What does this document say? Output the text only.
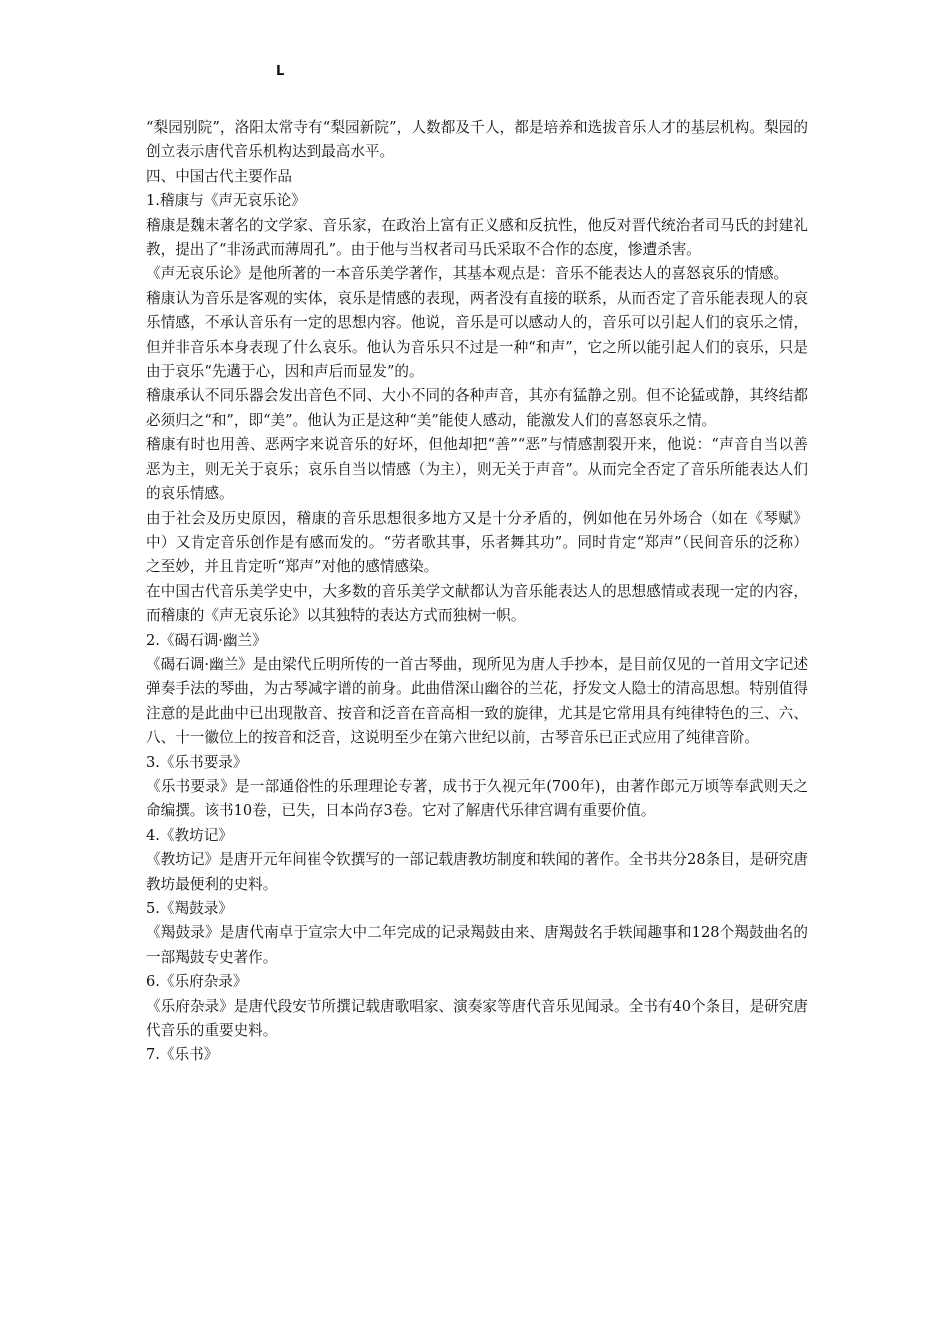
L

“梨园别院”，洛阳太常寺有“梨园新院”，人数都及千人，都是培养和选拔音乐人才的基层机构。梨园的创立表示唐代音乐机构达到最高水平。

四、中国古代主要作品

1.稽康与《声无哀乐论》

稽康是魏末著名的文学家、音乐家，在政治上富有正义感和反抗性，他反对晋代统治者司马氏的封建礼教，提出了“非汤武而薄周孔”。由于他与当权者司马氏采取不合作的态度，惨遭杀害。

《声无哀乐论》是他所著的一本音乐美学著作，其基本观点是：音乐不能表达人的喜怒哀乐的情感。

稽康认为音乐是客观的实体，哀乐是情感的表现，两者没有直接的联系，从而否定了音乐能表现人的哀乐情感，不承认音乐有一定的思想内容。他说，音乐是可以感动人的，音乐可以引起人们的哀乐之情，但并非音乐本身表现了什么哀乐。他认为音乐只不过是一种“和声”，它之所以能引起人们的哀乐，只是由于哀乐“先遘于心，因和声后而显发”的。

稽康承认不同乐器会发出音色不同、大小不同的各种声音，其亦有猛静之别。但不论猛或静，其终结都必须归之“和”，即“美”。他认为正是这种“美”能使人感动，能激发人们的喜怒哀乐之情。

稽康有时也用善、恶两字来说音乐的好坏，但他却把“善”“恶”与情感割裂开来，他说：“声音自当以善恶为主，则无关于哀乐；哀乐自当以情感（为主），则无关于声音”。从而完全否定了音乐所能表达人们的哀乐情感。

由于社会及历史原因，稽康的音乐思想很多地方又是十分矛盾的，例如他在另外场合（如在《琴赋》中）又肯定音乐创作是有感而发的。“劳者歌其事，乐者舞其功”。同时肯定“郑声”（民间音乐的泛称）之至妙，并且肯定听“郑声”对他的感情感染。

在中国古代音乐美学史中，大多数的音乐美学文献都认为音乐能表达人的思想感情或表现一定的内容，而稽康的《声无哀乐论》以其独特的表达方式而独树一帜。

2.《碣石调·幽兰》

《碣石调·幽兰》是由梁代丘明所传的一首古琴曲，现所见为唐人手抄本，是目前仅见的一首用文字记述弹奏手法的琴曲，为古琴减字谱的前身。此曲借深山幽谷的兰花，抒发文人隐士的清高思想。特别值得注意的是此曲中已出现散音、按音和泛音在音高相一致的旋律，尤其是它常用具有纯律特色的三、六、八、十一徽位上的按音和泛音，这说明至少在第六世纪以前，古琴音乐已正式应用了纯律音阶。

3.《乐书要录》

《乐书要录》是一部通俗性的乐理理论专著，成书于久视元年(700年)，由著作郎元万顷等奉武则天之命编撰。该书10卷，已失，日本尚存3卷。它对了解唐代乐律宫调有重要价值。

4.《教坊记》

《教坊记》是唐开元年间崔令钦撰写的一部记载唐教坊制度和轶闻的著作。全书共分28条目，是研究唐教坊最便利的史料。

5.《羯鼓录》

《羯鼓录》是唐代南卓于宣宗大中二年完成的记录羯鼓由来、唐羯鼓名手轶闻趣事和128个羯鼓曲名的一部羯鼓专史著作。

6.《乐府杂录》

《乐府杂录》是唐代段安节所撰记载唐歌唱家、演奏家等唐代音乐见闻录。全书有40个条目，是研究唐代音乐的重要史料。

7.《乐书》
